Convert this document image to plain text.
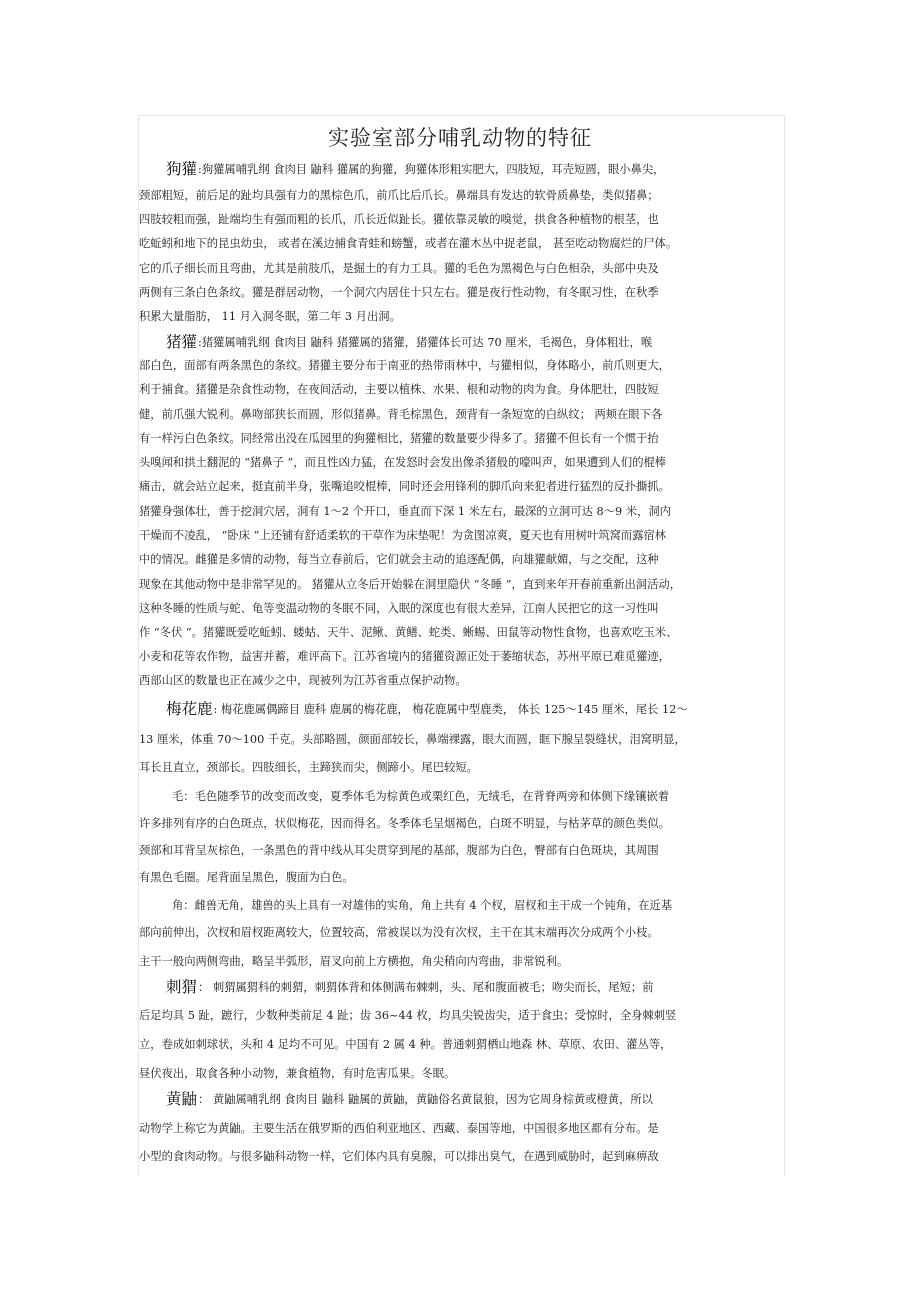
实验室部分哺乳动物的特征
狗獾:狗獾属哺乳纲 食肉目 鼬科 獾属的狗獾，狗獾体形粗实肥大，四肢短，耳壳短圆，眼小鼻尖，
颈部粗短，前后足的趾均具强有力的黑棕色爪，前爪比后爪长。鼻端具有发达的软骨质鼻垫，类似猪鼻；
四肢较粗而强，趾端均生有强而粗的长爪，爪长近似趾长。獾依靠灵敏的嗅觉，拱食各种植物的根茎，也
吃蚯蚓和地下的昆虫幼虫， 或者在溪边捕食青蛙和螃蟹，或者在灌木丛中捉老鼠， 甚至吃动物腐烂的尸体。
它的爪子细长而且弯曲，尤其是前肢爪，是掘土的有力工具。獾的毛色为黑褐色与白色相杂，头部中央及
两侧有三条白色条纹。獾是群居动物，一个洞穴内居住十只左右。獾是夜行性动物，有冬眠习性，在秋季
积累大量脂肪， 11 月入洞冬眠，第二年 3 月出洞。
猪獾:猪獾属哺乳纲 食肉目 鼬科 猪獾属的猪獾，猪獾体长可达 70 厘米，毛褐色，身体粗壮，喉
部白色，面部有两条黑色的条纹。猪獾主要分布于南亚的热带雨林中，与獾相似，身体略小，前爪则更大，
利于捕食。猪獾是杂食性动物，在夜间活动，主要以植株、水果、根和动物的肉为食。身体肥壮，四肢短
健，前爪强大锐利。鼻吻部狭长而圆，形似猪鼻。背毛棕黑色，颈背有一条短宽的白纵纹； 两颊在眼下各
有一样污白色条纹。同经常出没在瓜园里的狗獾相比，猪獾的数量要少得多了。猪獾不但长有一个惯于抬
头嗅闻和拱土翻泥的 “猪鼻子 ”，而且性凶力猛，在发怒时会发出像杀猪般的嚎叫声，如果遭到人们的棍棒
痛击，就会站立起来，挺直前半身，张嘴追咬棍棒，同时还会用锋利的脚爪向来犯者进行猛烈的反扑撕抓。
猪獾身强体壮，善于挖洞穴居，洞有 1～2 个开口，垂直而下深 1 米左右，最深的立洞可达 8～9 米，洞内
干燥而不凌乱， “卧床 ”上还铺有舒适柔软的干草作为床垫呢！为贪图凉爽，夏天也有用树叶筑窝而露宿林
中的情况。雌獾是多情的动物，每当立春前后，它们就会主动的追逐配偶，向雄獾献媚，与之交配，这种
现象在其他动物中是非常罕见的。 猪獾从立冬后开始躲在洞里隐伏 “冬睡 ”，直到来年开春前重新出洞活动，
这种冬睡的性质与蛇、龟等变温动物的冬眠不同，入眠的深度也有很大差异，江南人民把它的这一习性叫
作 “冬伏 ”。猪獾既爱吃蚯蚓、蝼蛄、天牛、泥鳅、黄鳝、蛇类、蜥蜴、田鼠等动物性食物，也喜欢吃玉米、
小麦和花等农作物，益害并蓄，难评高下。江苏省境内的猪獾资源正处于萎缩状态，苏州平原已难觅獾迹，
西部山区的数量也正在减少之中，现被列为江苏省重点保护动物。
梅花鹿: 梅花鹿属偶蹄目 鹿科 鹿属的梅花鹿， 梅花鹿属中型鹿类， 体长 125～145 厘米，尾长 12～
13 厘米，体重 70～100 千克。头部略圆，颜面部较长，鼻端裸露，眼大而圆，眶下腺呈裂缝状，泪窝明显，
耳长且直立，颈部长。四肢细长，主蹄狭而尖，侧蹄小。尾巴较短。
毛：毛色随季节的改变而改变，夏季体毛为棕黄色或栗红色，无绒毛，在背脊两旁和体侧下缘镶嵌着
许多排列有序的白色斑点，状似梅花，因而得名。冬季体毛呈烟褐色，白斑不明显，与枯茅草的颜色类似。
颈部和耳背呈灰棕色，一条黑色的背中线从耳尖贯穿到尾的基部，腹部为白色，臀部有白色斑块，其周围
有黑色毛圈。尾背面呈黑色，腹面为白色。
角：雌兽无角，雄兽的头上具有一对雄伟的实角，角上共有 4 个杈，眉杈和主干成一个钝角，在近基
部向前伸出，次杈和眉杈距离较大，位置较高，常被误以为没有次杈，主干在其末端再次分成两个小枝。
主干一般向两侧弯曲，略呈半弧形，眉叉向前上方横抱，角尖稍向内弯曲，非常锐利。
刺猬： 刺猬属猬科的刺猬，刺猬体背和体侧满布棘刺，头、尾和腹面被毛；吻尖而长，尾短；前
后足均具 5 趾，蹠行，少数种类前足 4 趾；齿 36~44 枚，均具尖锐齿尖，适于食虫；受惊时，全身棘刺竖
立，卷成如刺球状，头和 4 足均不可见。中国有 2 属 4 种。普通刺猬栖山地森 林、草原、农田、灌丛等，
昼伏夜出，取食各种小动物，兼食植物，有时危害瓜果。冬眠。
黄鼬： 黄鼬属哺乳纲 食肉目 鼬科 鼬属的黄鼬，黄鼬俗名黄鼠狼，因为它周身棕黄或橙黄，所以
动物学上称它为黄鼬。主要生活在俄罗斯的西伯利亚地区、西藏、泰国等地，中国很多地区都有分布。是
小型的食肉动物。与很多鼬科动物一样，它们体内具有臭腺，可以排出臭气，在遇到威胁时，起到麻痹敌
